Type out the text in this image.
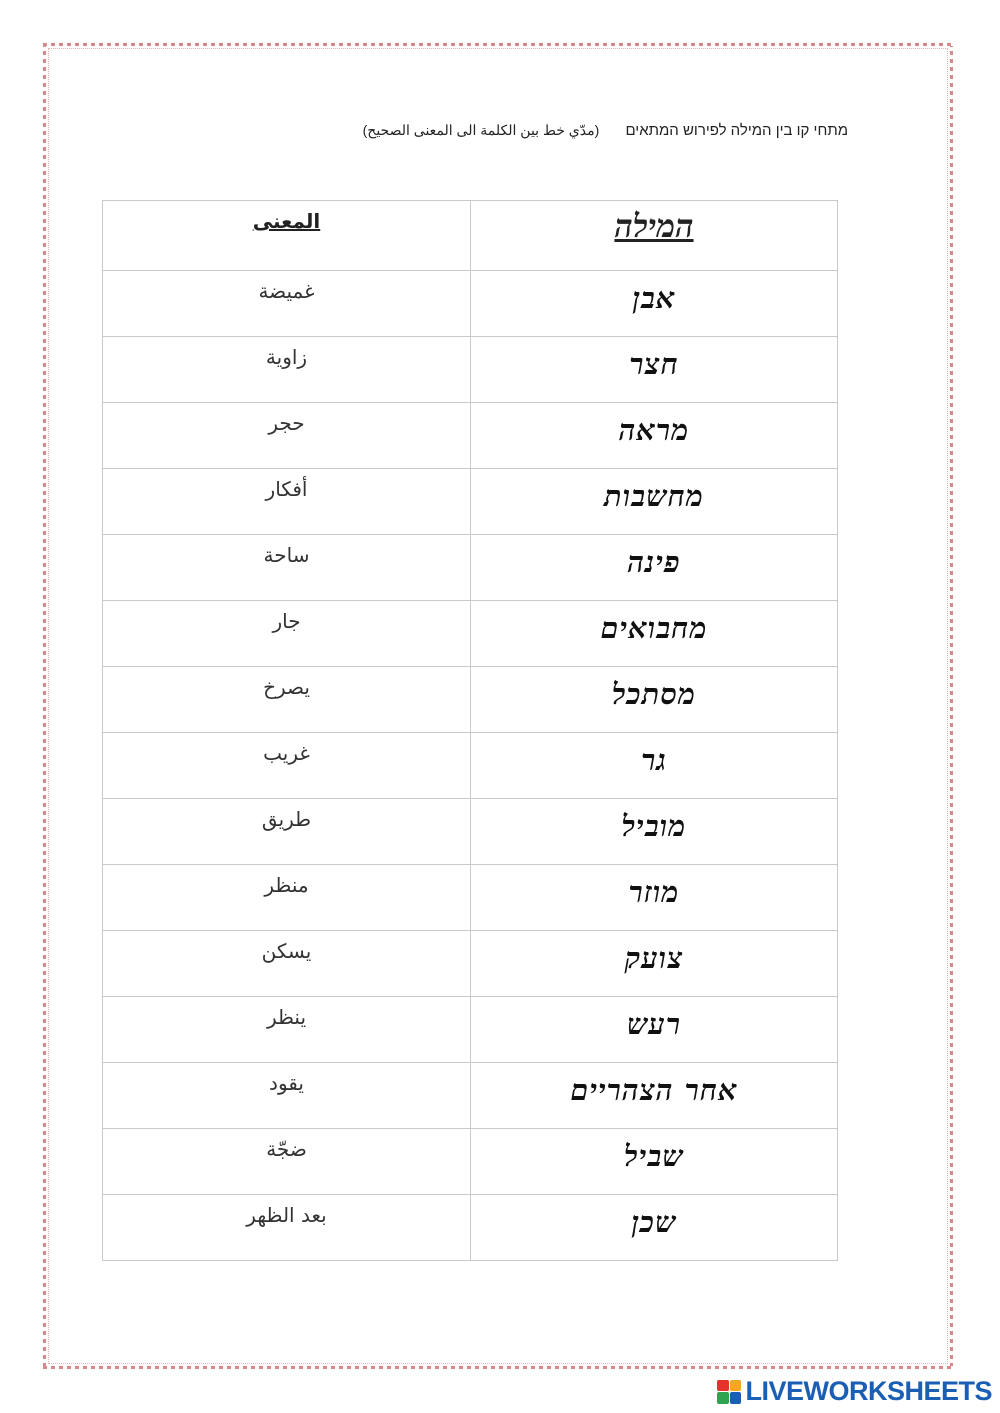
מתחי קו בין המילה לפירוש המתאים (مدّي خط بين الكلمة الى المعنى الصحيح)
المعنى	המילה
غميضة	אבן
زاوية	חצר
حجر	מראה
أفكار	מחשבות
ساحة	פינה
جار	מחבואים
يصرخ	מסתכל
غريب	גר
طريق	מוביל
منظر	מוזר
يسكن	צועק
ينظر	רעש
يقود	אחר הצהריים
ضجّة	שביל
بعد الظهر	שכן
LIVEWORKSHEETS
